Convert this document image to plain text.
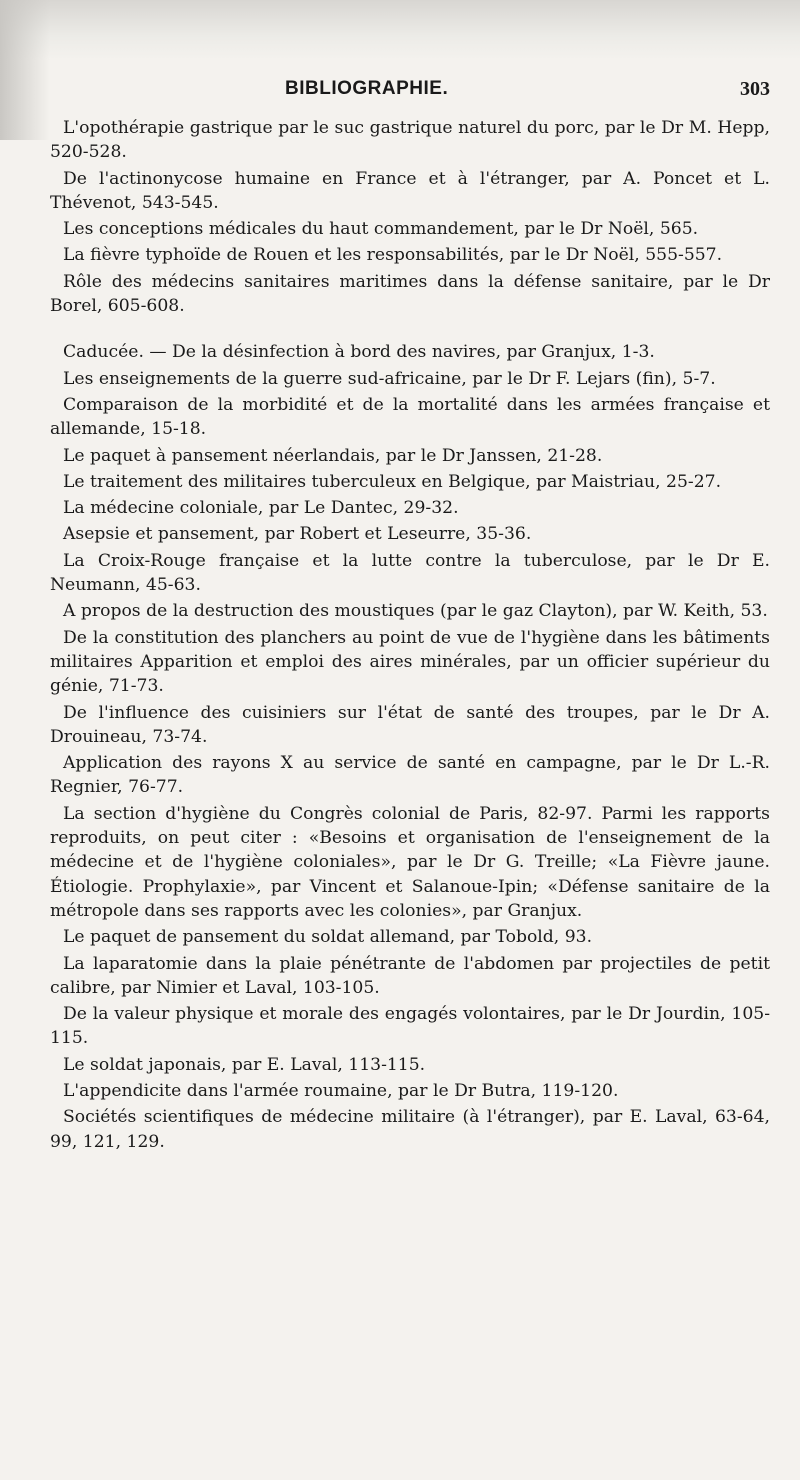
BIBLIOGRAPHIE.	303

L'opothérapie gastrique par le suc gastrique naturel du porc, par le Dr M. Hepp, 520-528.

De l'actinonycose humaine en France et à l'étranger, par A. Poncet et L. Thévenot, 543-545.

Les conceptions médicales du haut commandement, par le Dr Noël, 565.

La fièvre typhoïde de Rouen et les responsabilités, par le Dr Noël, 555-557.

Rôle des médecins sanitaires maritimes dans la défense sanitaire, par le Dr Borel, 605-608.

Caducée. — De la désinfection à bord des navires, par Granjux, 1-3.

Les enseignements de la guerre sud-africaine, par le Dr F. Lejars (fin), 5-7.

Comparaison de la morbidité et de la mortalité dans les armées française et allemande, 15-18.

Le paquet à pansement néerlandais, par le Dr Janssen, 21-28.

Le traitement des militaires tuberculeux en Belgique, par Maistriau, 25-27.

La médecine coloniale, par Le Dantec, 29-32.

Asepsie et pansement, par Robert et Leseurre, 35-36.

La Croix-Rouge française et la lutte contre la tuberculose, par le Dr E. Neumann, 45-63.

A propos de la destruction des moustiques (par le gaz Clayton), par W. Keith, 53.

De la constitution des planchers au point de vue de l'hygiène dans les bâtiments militaires Apparition et emploi des aires minérales, par un officier supérieur du génie, 71-73.

De l'influence des cuisiniers sur l'état de santé des troupes, par le Dr A. Drouineau, 73-74.

Application des rayons X au service de santé en campagne, par le Dr L.-R. Regnier, 76-77.

La section d'hygiène du Congrès colonial de Paris, 82-97. Parmi les rapports reproduits, on peut citer : «Besoins et organisation de l'enseignement de la médecine et de l'hygiène coloniales», par le Dr G. Treille; «La Fièvre jaune. Étiologie. Prophylaxie», par Vincent et Salanoue-Ipin; «Défense sanitaire de la métropole dans ses rapports avec les colonies», par Granjux.

Le paquet de pansement du soldat allemand, par Tobold, 93.

La laparatomie dans la plaie pénétrante de l'abdomen par projectiles de petit calibre, par Nimier et Laval, 103-105.

De la valeur physique et morale des engagés volontaires, par le Dr Jourdin, 105-115.

Le soldat japonais, par E. Laval, 113-115.

L'appendicite dans l'armée roumaine, par le Dr Butra, 119-120.

Sociétés scientifiques de médecine militaire (à l'étranger), par E. Laval, 63-64, 99, 121, 129.
